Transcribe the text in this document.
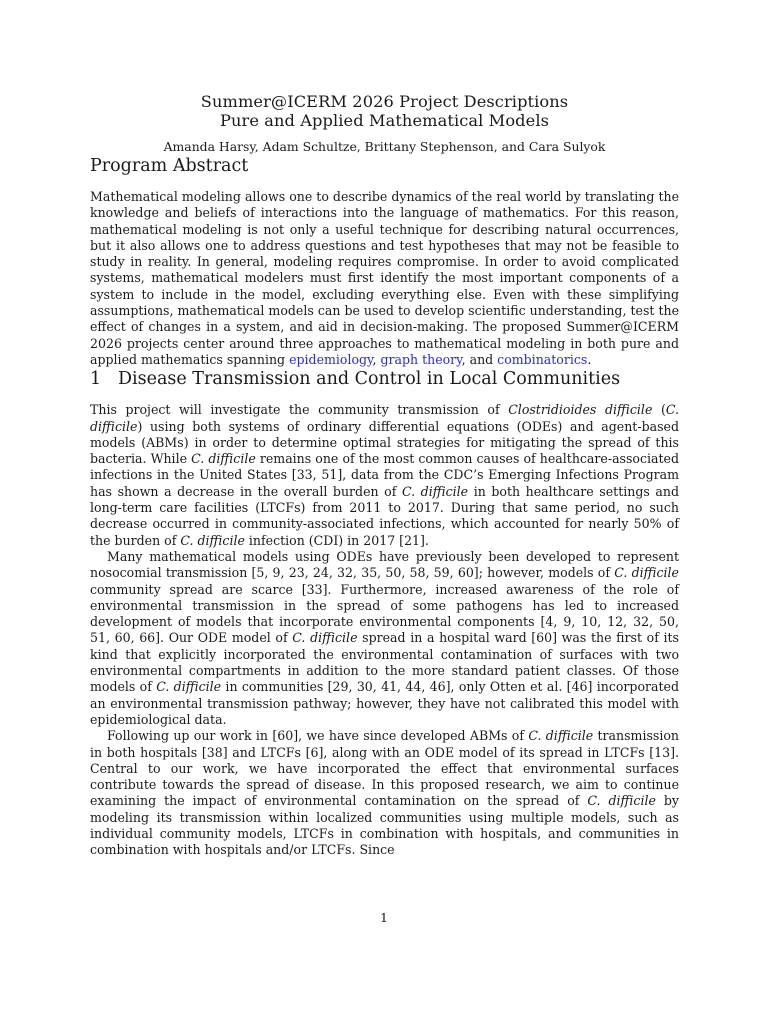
Summer@ICERM 2026 Project Descriptions
Pure and Applied Mathematical Models
Amanda Harsy, Adam Schultze, Brittany Stephenson, and Cara Sulyok
Program Abstract

Mathematical modeling allows one to describe dynamics of the real world by translating the knowledge and beliefs of interactions into the language of mathematics. For this reason, mathematical modeling is not only a useful technique for describing natural occurrences, but it also allows one to address questions and test hypotheses that may not be feasible to study in reality. In general, modeling requires compromise. In order to avoid complicated systems, mathematical modelers must first identify the most important components of a system to include in the model, excluding everything else. Even with these simplifying assumptions, mathematical models can be used to develop scientific understanding, test the effect of changes in a system, and aid in decision-making. The proposed Summer@ICERM 2026 projects center around three approaches to mathematical modeling in both pure and applied mathematics spanning epidemiology, graph theory, and combinatorics.

1 Disease Transmission and Control in Local Communities

This project will investigate the community transmission of Clostridioides difficile (C. difficile) using both systems of ordinary differential equations (ODEs) and agent-based models (ABMs) in order to determine optimal strategies for mitigating the spread of this bacteria. While C. difficile remains one of the most common causes of healthcare-associated infections in the United States [33, 51], data from the CDC’s Emerging Infections Program has shown a decrease in the overall burden of C. difficile in both healthcare settings and long-term care facilities (LTCFs) from 2011 to 2017. During that same period, no such decrease occurred in community-associated infections, which accounted for nearly 50% of the burden of C. difficile infection (CDI) in 2017 [21].

Many mathematical models using ODEs have previously been developed to represent nosocomial transmission [5, 9, 23, 24, 32, 35, 50, 58, 59, 60]; however, models of C. difficile community spread are scarce [33]. Furthermore, increased awareness of the role of environmental transmission in the spread of some pathogens has led to increased development of models that incorporate environmental components [4, 9, 10, 12, 32, 50, 51, 60, 66]. Our ODE model of C. difficile spread in a hospital ward [60] was the first of its kind that explicitly incorporated the environmental contamination of surfaces with two environmental compartments in addition to the more standard patient classes. Of those models of C. difficile in communities [29, 30, 41, 44, 46], only Otten et al. [46] incorporated an environmental transmission pathway; however, they have not calibrated this model with epidemiological data.

Following up our work in [60], we have since developed ABMs of C. difficile transmission in both hospitals [38] and LTCFs [6], along with an ODE model of its spread in LTCFs [13]. Central to our work, we have incorporated the effect that environmental surfaces contribute towards the spread of disease. In this proposed research, we aim to continue examining the impact of environmental contamination on the spread of C. difficile by modeling its transmission within localized communities using multiple models, such as individual community models, LTCFs in combination with hospitals, and communities in combination with hospitals and/or LTCFs. Since

1
